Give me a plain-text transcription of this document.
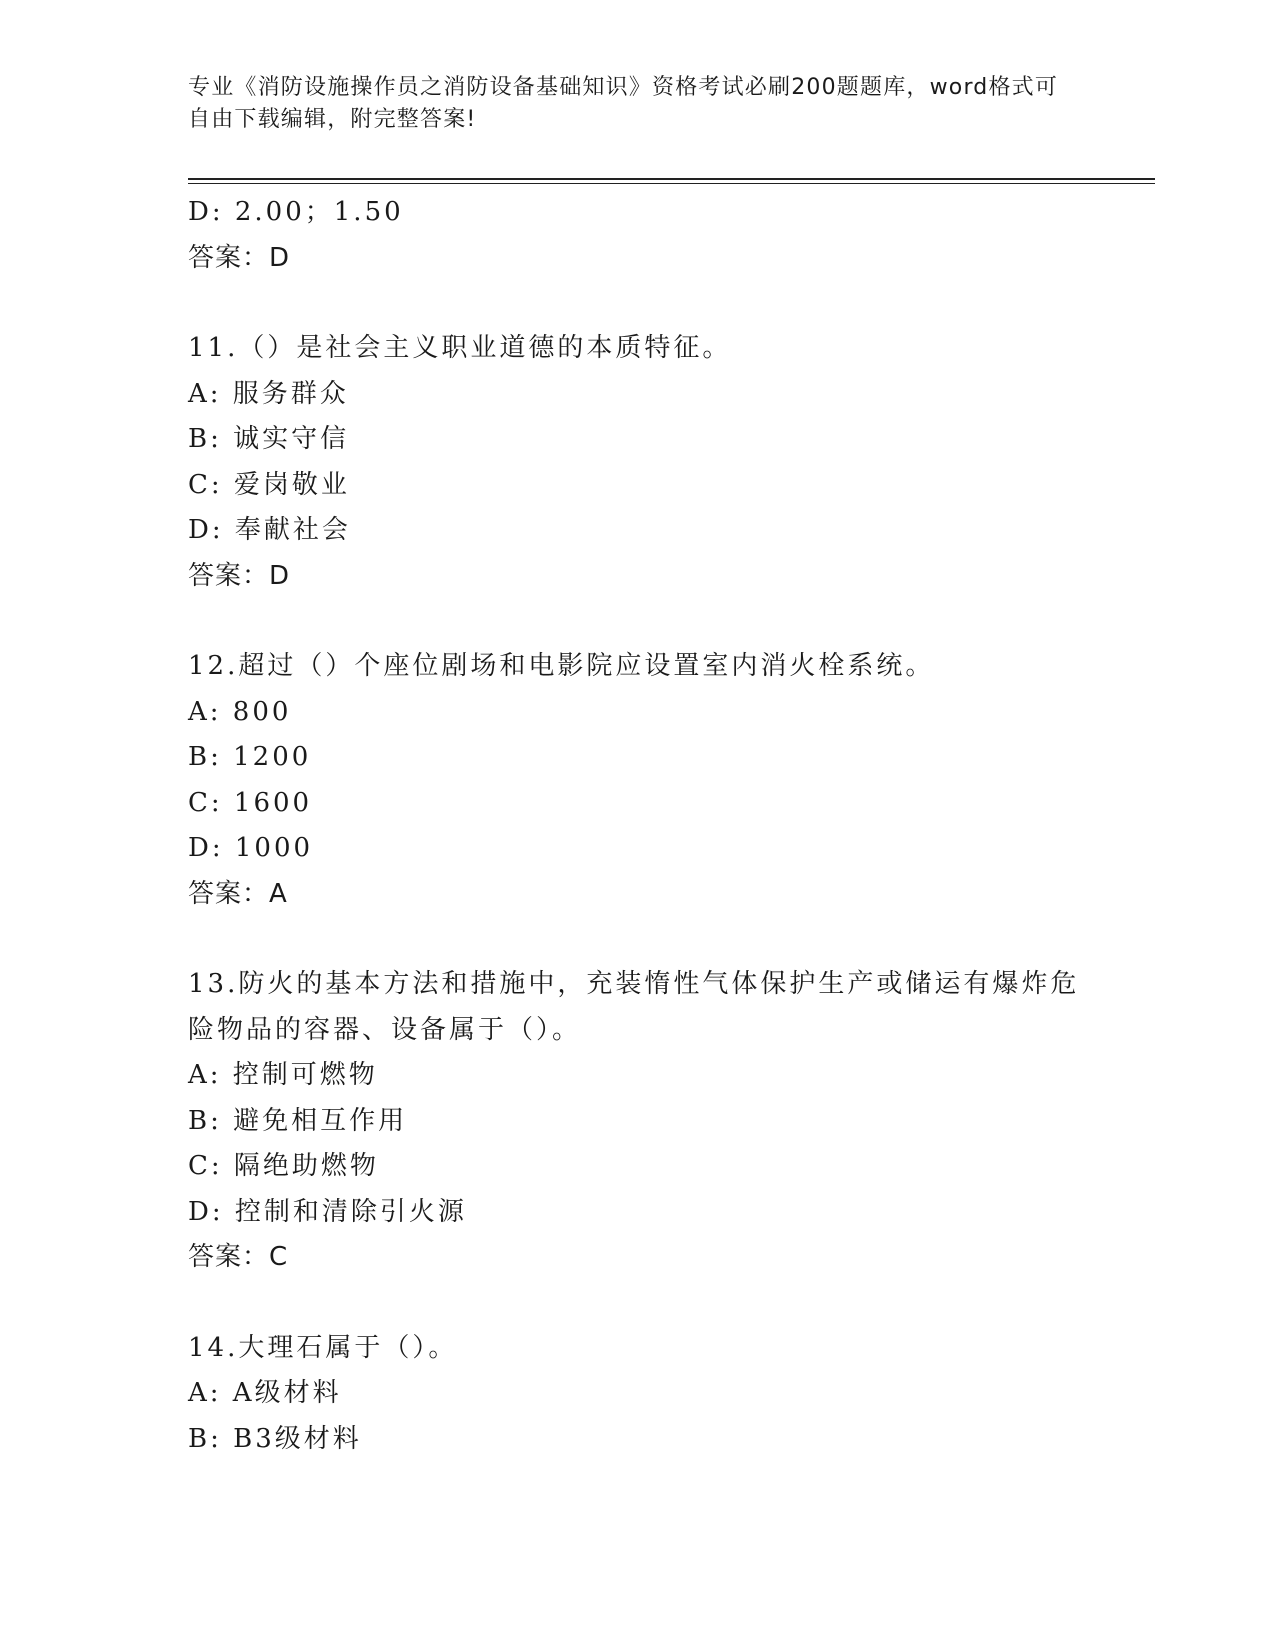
专业《消防设施操作员之消防设备基础知识》资格考试必刷200题题库，word格式可自由下载编辑，附完整答案!
D: 2.00；1.50
答案：D
11.（）是社会主义职业道德的本质特征。
A: 服务群众
B: 诚实守信
C: 爱岗敬业
D: 奉献社会
答案：D
12.超过（）个座位剧场和电影院应设置室内消火栓系统。
A: 800
B: 1200
C: 1600
D: 1000
答案：A
13.防火的基本方法和措施中，充装惰性气体保护生产或储运有爆炸危险物品的容器、设备属于（）。
A: 控制可燃物
B: 避免相互作用
C: 隔绝助燃物
D: 控制和清除引火源
答案：C
14.大理石属于（）。
A: A级材料
B: B3级材料
